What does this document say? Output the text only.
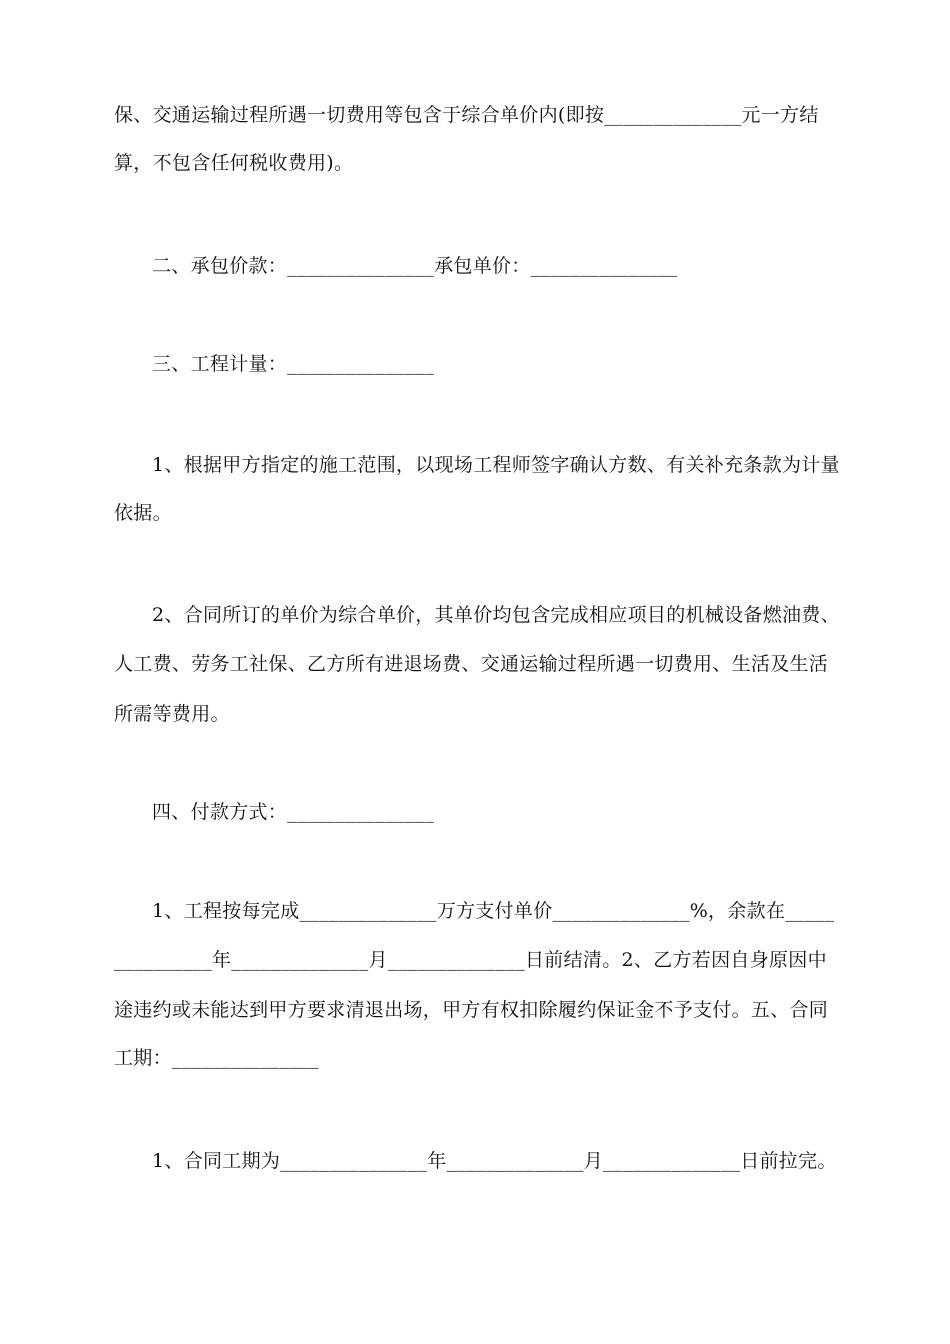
保、交通运输过程所遇一切费用等包含于综合单价内(即按______________元一方结
算，不包含任何税收费用)。
二、承包价款：_______________承包单价：_______________
三、工程计量：_______________
1、根据甲方指定的施工范围，以现场工程师签字确认方数、有关补充条款为计量
依据。
2、合同所订的单价为综合单价，其单价均包含完成相应项目的机械设备燃油费、
人工费、劳务工社保、乙方所有进退场费、交通运输过程所遇一切费用、生活及生活
所需等费用。
四、付款方式：_______________
1、工程按每完成______________万方支付单价______________%，余款在_____
__________年______________月______________日前结清。2、乙方若因自身原因中
途违约或未能达到甲方要求清退出场，甲方有权扣除履约保证金不予支付。五、合同
工期：_______________
1、合同工期为_______________年______________月______________日前拉完。
